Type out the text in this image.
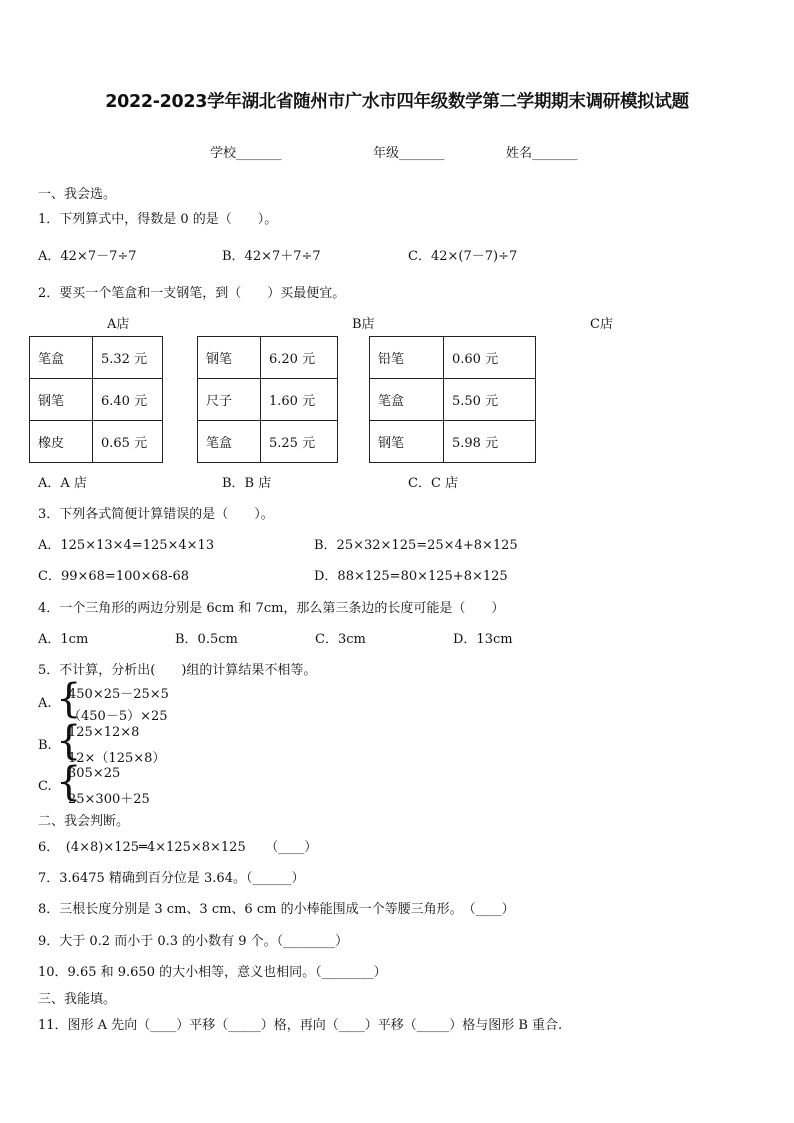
2022-2023学年湖北省随州市广水市四年级数学第二学期期末调研模拟试题
学校_______	年级_______	姓名_______
一、我会选。
1．下列算式中，得数是 0 的是（　　）。
A．42×7－7÷7	B．42×7＋7÷7	C．42×(7－7)÷7
2．要买一个笔盒和一支钢笔，到（　　）买最便宜。
A店	B店	C店
笔盒	5.32 元
钢笔	6.40 元
橡皮	0.65 元
钢笔	6.20 元
尺子	1.60 元
笔盒	5.25 元
铅笔	0.60 元
笔盒	5.50 元
钢笔	5.98 元
A．A 店	B．B 店	C．C 店
3．下列各式简便计算错误的是（　　）。
A．125×13×4=125×4×13	B．25×32×125=25×4+8×125
C．99×68=100×68-68	D．88×125=80×125+8×125
4．一个三角形的两边分别是 6cm 和 7cm，那么第三条边的长度可能是（　　）
A．1cm	B．0.5cm	C．3cm	D．13cm
5．不计算，分析出(　　)组的计算结果不相等。
A. {
450×25－25×5
（450－5）×25
B. {
125×12×8
12×（125×8）
C. {
305×25
25×300＋25
二、我会判断。
6．　(4×8)×125═4×125×8×125　　（____）
7．3.6475 精确到百分位是 3.64。（______）
8．三根长度分别是 3 cm、3 cm、6 cm 的小棒能围成一个等腰三角形。　（____）
9．大于 0.2 而小于 0.3 的小数有 9 个。（________）
10．9.65 和 9.650 的大小相等，意义也相同。（________）
三、我能填。
11．图形 A 先向（____）平移（_____）格，再向（____）平移（_____）格与图形 B 重合.
